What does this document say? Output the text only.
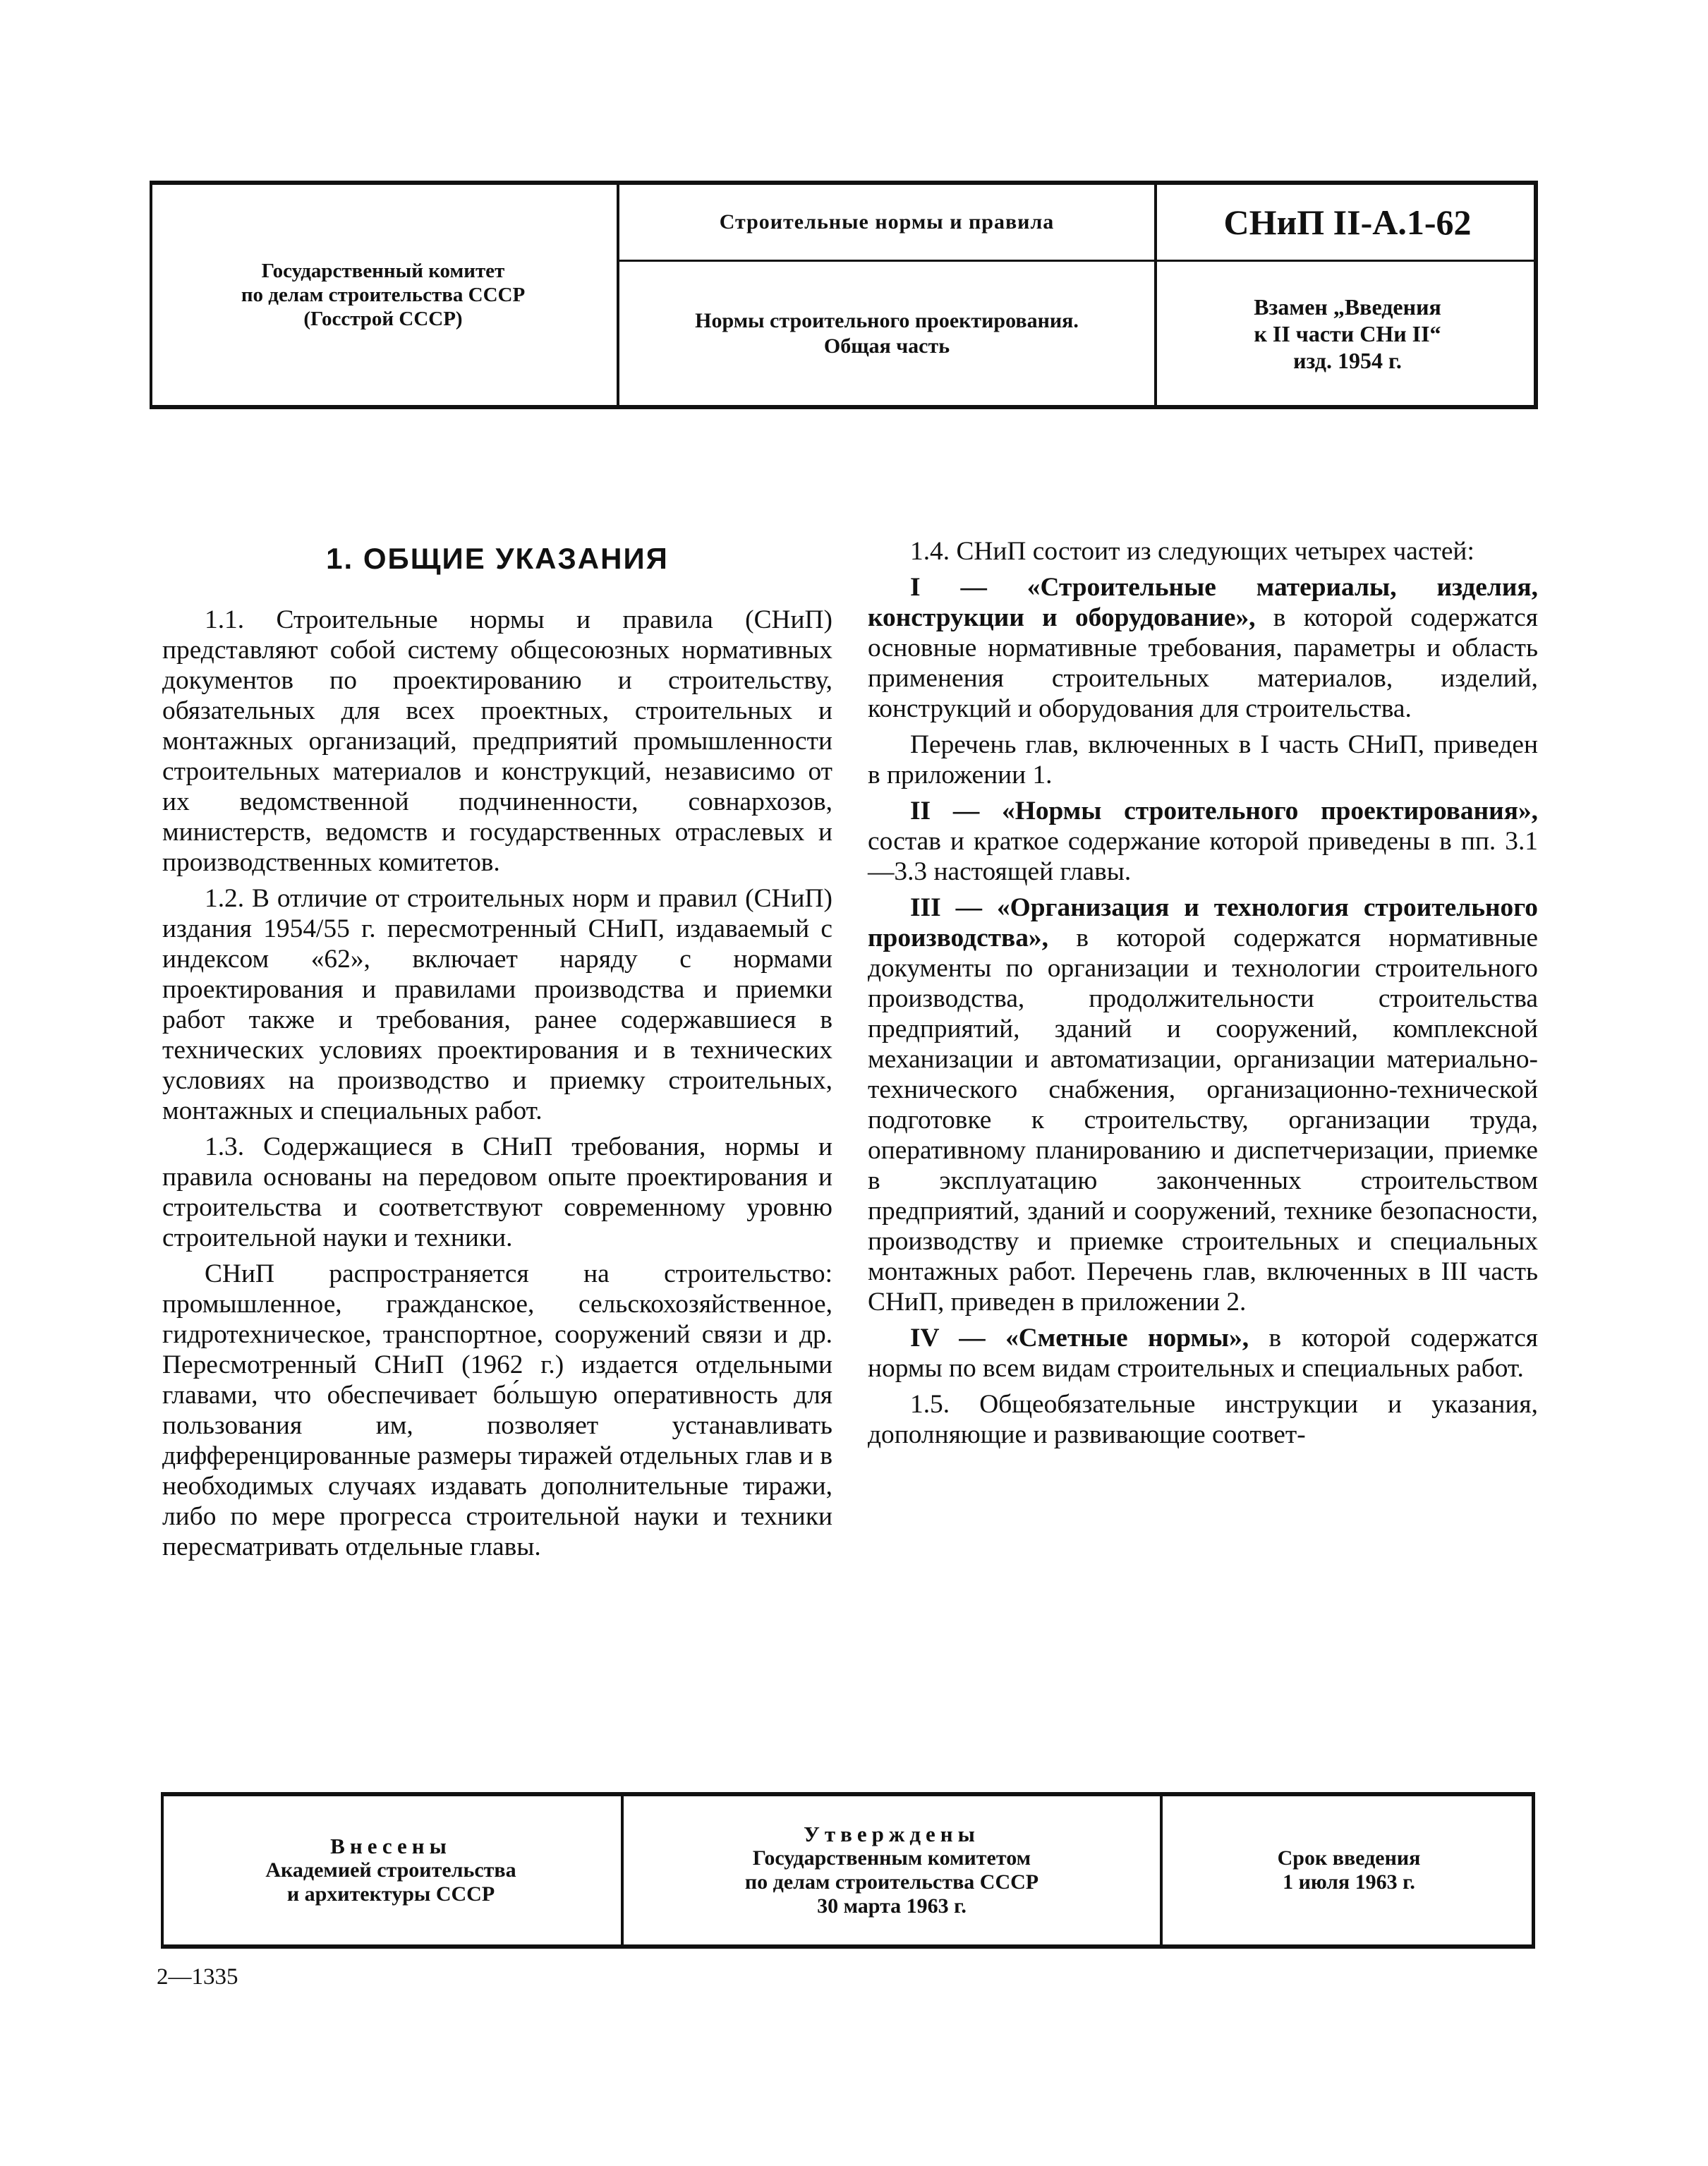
Государственный комитет
по делам строительства СССР
(Госстрой СССР)
Строительные нормы и правила
Нормы строительного проектирования.
Общая часть
СНиП II-А.1-62
Взамен „Введения
к II части СНи II“
изд. 1954 г.

1. ОБЩИЕ УКАЗАНИЯ

1.1. Строительные нормы и правила (СНиП) представляют собой систему общесоюзных нормативных документов по проектированию и строительству, обязательных для всех проектных, строительных и монтажных организаций, предприятий промышленности строительных материалов и конструкций, независимо от их ведомственной подчиненности, совнархозов, министерств, ведомств и государственных отраслевых и производственных комитетов.

1.2. В отличие от строительных норм и правил (СНиП) издания 1954/55 г. пересмотренный СНиП, издаваемый с индексом «62», включает наряду с нормами проектирования и правилами производства и приемки работ также и требования, ранее содержавшиеся в технических условиях проектирования и в технических условиях на производство и приемку строительных, монтажных и специальных работ.

1.3. Содержащиеся в СНиП требования, нормы и правила основаны на передовом опыте проектирования и строительства и соответствуют современному уровню строительной науки и техники.

СНиП распространяется на строительство: промышленное, гражданское, сельскохозяйственное, гидротехническое, транспортное, сооружений связи и др. Пересмотренный СНиП (1962 г.) издается отдельными главами, что обеспечивает бо́льшую оперативность для пользования им, позволяет устанавливать дифференцированные размеры тиражей отдельных глав и в необходимых случаях издавать дополнительные тиражи, либо по мере прогресса строительной науки и техники пересматривать отдельные главы.

1.4. СНиП состоит из следующих четырех частей:

I — «Строительные материалы, изделия, конструкции и оборудование», в которой содержатся основные нормативные требования, параметры и область применения строительных материалов, изделий, конструкций и оборудования для строительства.

Перечень глав, включенных в I часть СНиП, приведен в приложении 1.

II — «Нормы строительного проектирования», состав и краткое содержание которой приведены в пп. 3.1—3.3 настоящей главы.

III — «Организация и технология строительного производства», в которой содержатся нормативные документы по организации и технологии строительного производства, продолжительности строительства предприятий, зданий и сооружений, комплексной механизации и автоматизации, организации материально-технического снабжения, организационно-технической подготовке к строительству, организации труда, оперативному планированию и диспетчеризации, приемке в эксплуатацию законченных строительством предприятий, зданий и сооружений, технике безопасности, производству и приемке строительных и специальных монтажных работ. Перечень глав, включенных в III часть СНиП, приведен в приложении 2.

IV — «Сметные нормы», в которой содержатся нормы по всем видам строительных и специальных работ.

1.5. Общеобязательные инструкции и указания, дополняющие и развивающие соответ-

Внесены
Академией строительства
и архитектуры СССР
Утверждены
Государственным комитетом
по делам строительства СССР
30 марта 1963 г.
Срок введения
1 июля 1963 г.
2—1335
